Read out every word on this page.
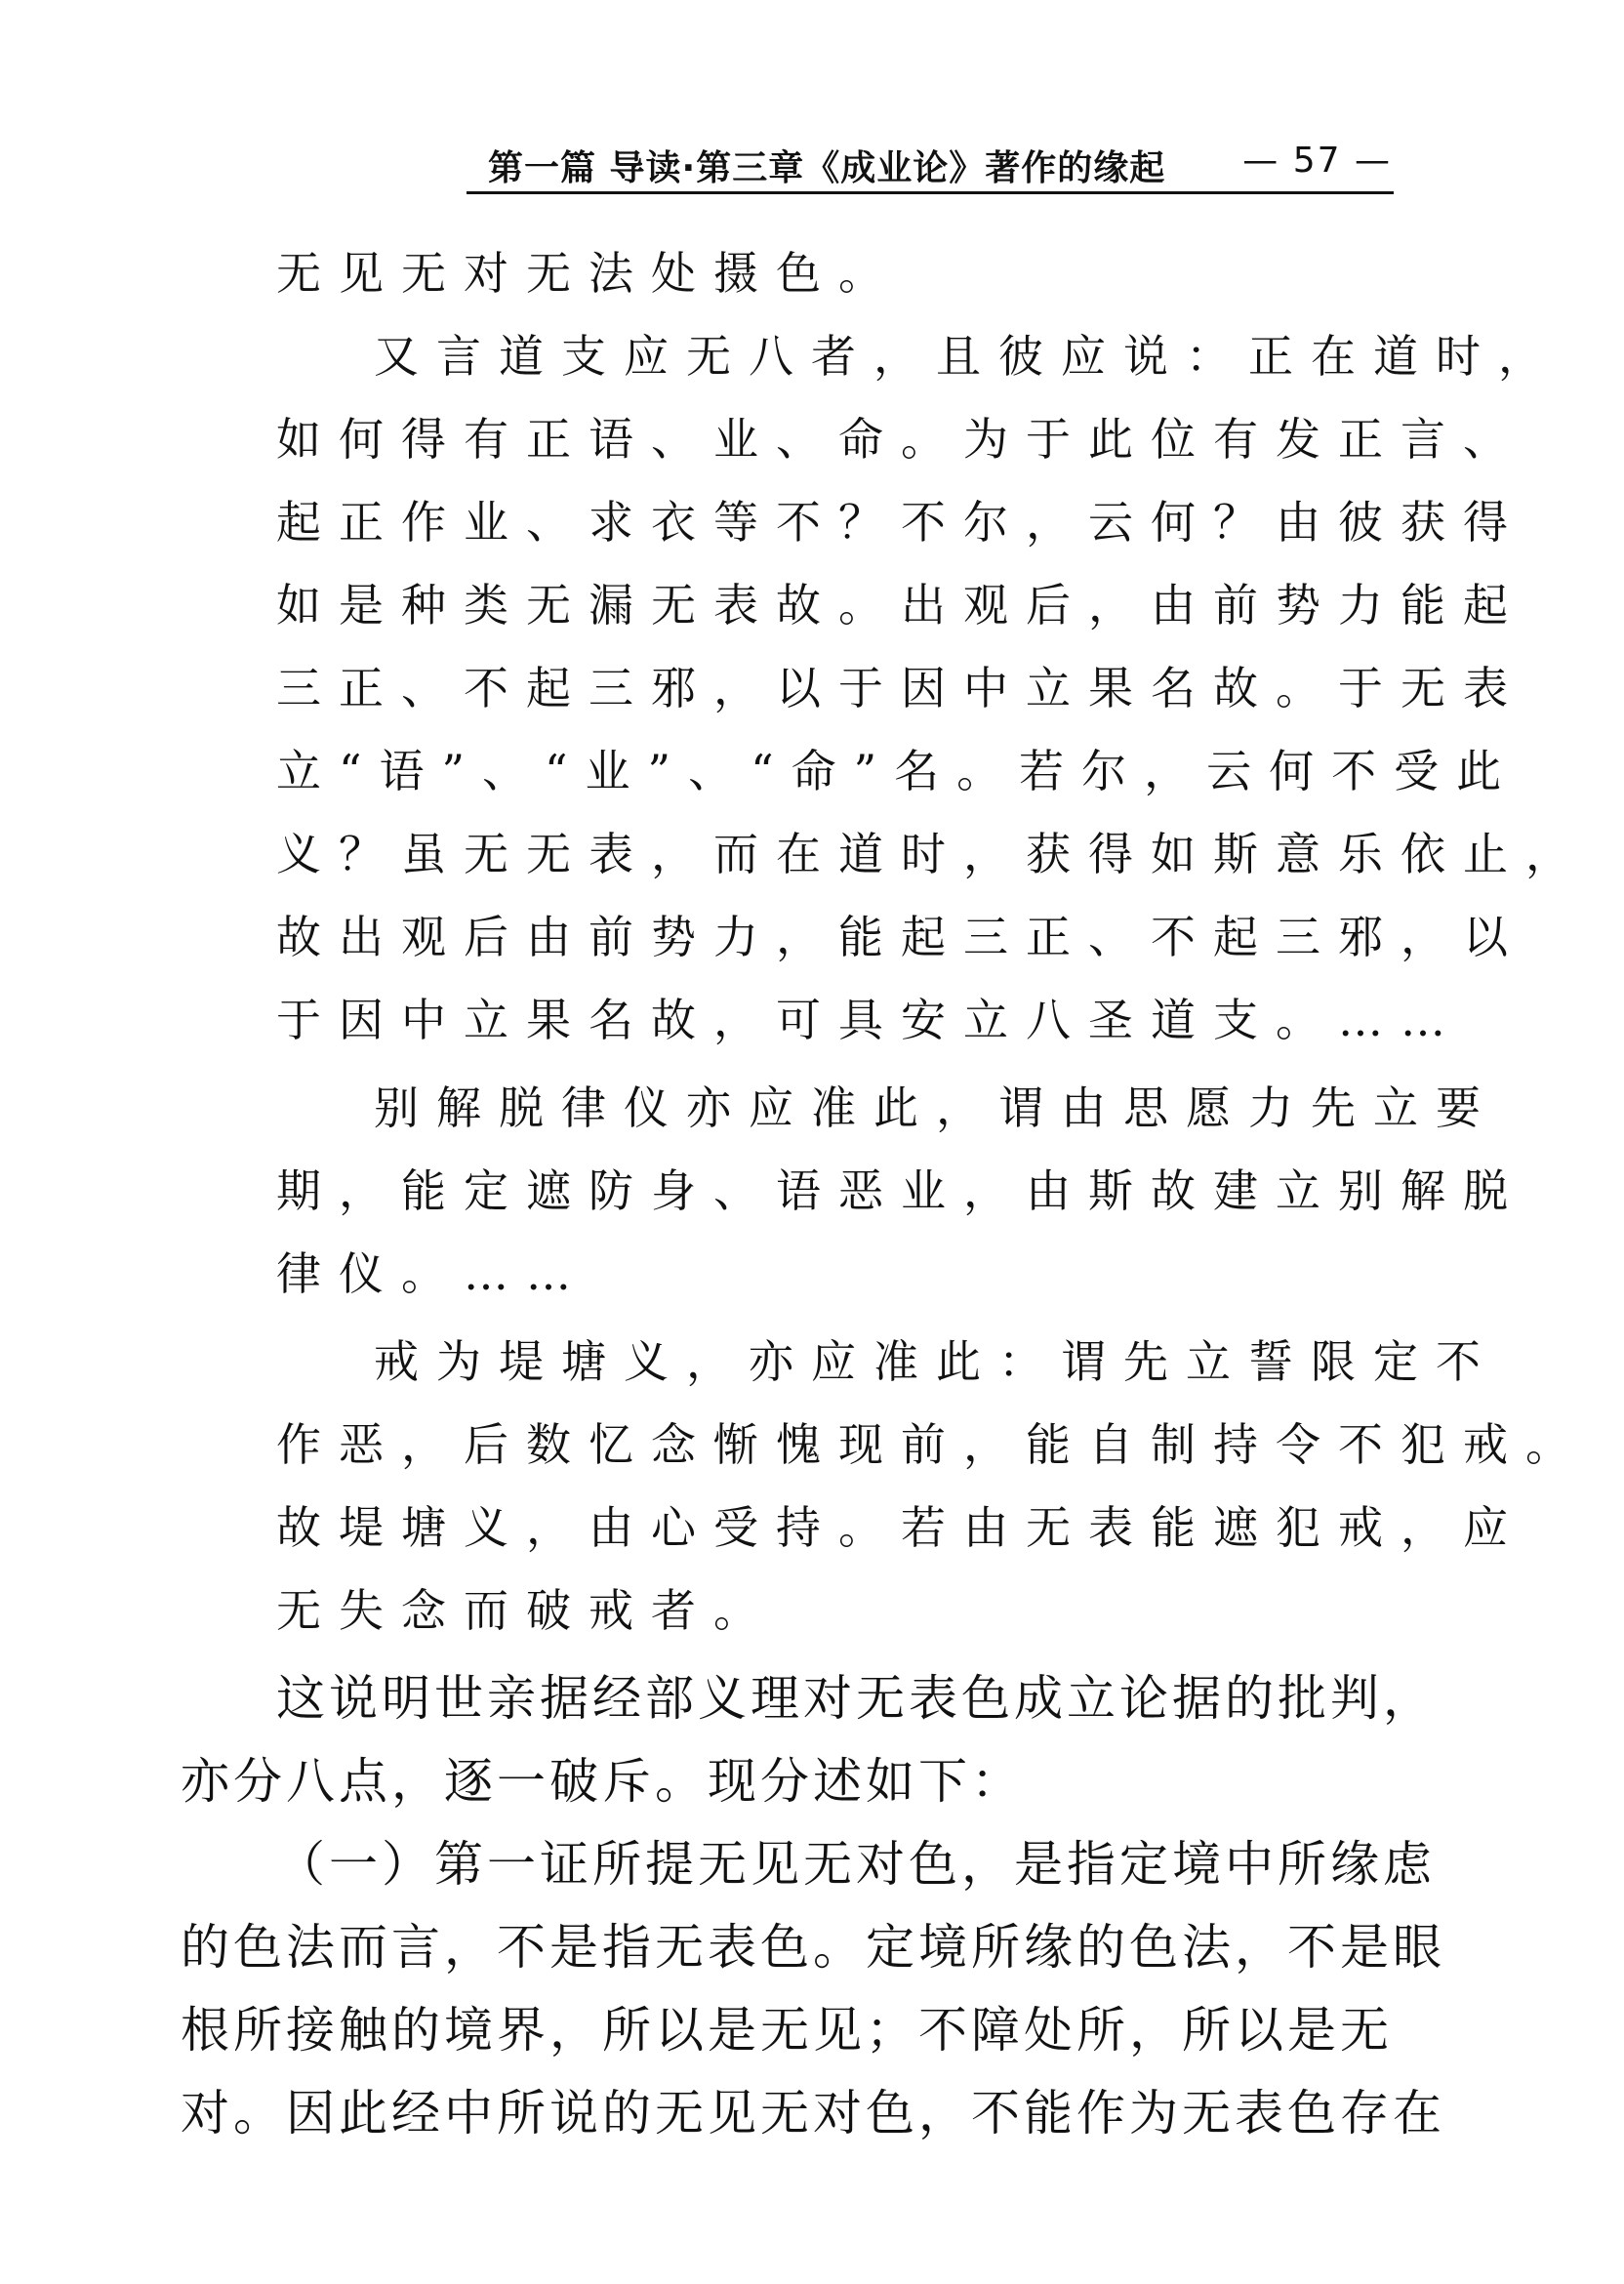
第一篇 导读·第三章《成业论》著作的缘起 — 57 —
无见无对无法处摄色。
又言道支应无八者，且彼应说：正在道时，
如何得有正语、业、命。为于此位有发正言、
起正作业、求衣等不？不尔，云何？由彼获得
如是种类无漏无表故。出观后，由前势力能起
三正、不起三邪，以于因中立果名故。于无表
立“语”、“业”、“命”名。若尔，云何不受此
义？虽无无表，而在道时，获得如斯意乐依止，
故出观后由前势力，能起三正、不起三邪，以
于因中立果名故，可具安立八圣道支。……
别解脱律仪亦应准此，谓由思愿力先立要
期，能定遮防身、语恶业，由斯故建立别解脱
律仪。……
戒为堤塘义，亦应准此：谓先立誓限定不
作恶，后数忆念惭愧现前，能自制持令不犯戒。
故堤塘义，由心受持。若由无表能遮犯戒，应
无失念而破戒者。
这说明世亲据经部义理对无表色成立论据的批判，
亦分八点，逐一破斥。现分述如下：
（一）第一证所提无见无对色，是指定境中所缘虑
的色法而言，不是指无表色。定境所缘的色法，不是眼
根所接触的境界，所以是无见；不障处所，所以是无
对。因此经中所说的无见无对色，不能作为无表色存在
